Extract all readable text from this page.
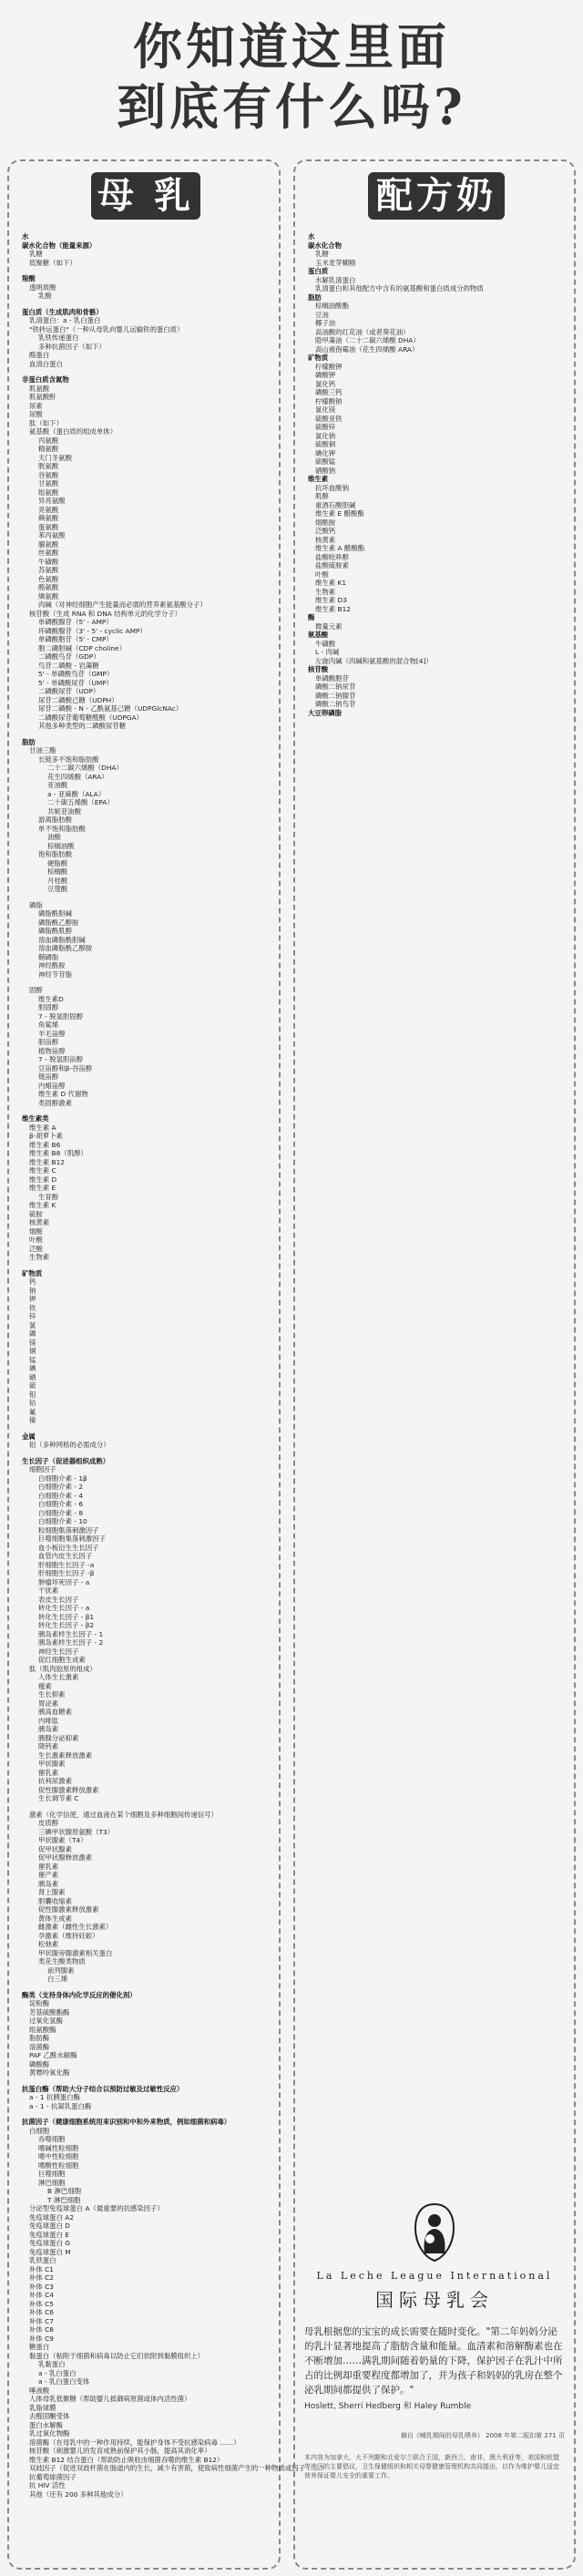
你知道这里面
到底有什么吗?
母 乳
水
碳水化合物（能量来源）
乳糖
低聚糖（如下）
羧酸
透明质酸
乳酸
蛋白质（生成肌肉和骨骼）
乳清蛋白：a - 乳白蛋白
"铁转运蛋白"（一种从母乳向婴儿运输铁的蛋白质）
乳铁传递蛋白
多种抗菌因子（如下）
酪蛋白
血清白蛋白
非蛋白质含氮物
肌氨酸
肌氨酸酐
尿素
尿酸
肽（如下）
氨基酸（蛋白质的组成单体）
丙氨酸
精氨酸
天门冬氨酸
胱氨酸
谷氨酸
甘氨酸
组氨酸
异亮氨酸
亮氨酸
赖氨酸
蛋氨酸
苯丙氨酸
脯氨酸
丝氨酸
牛磺酸
苏氨酸
色氨酸
酪氨酸
缬氨酸
肉碱（对神经细胞产生能量而必需的营养素氨基酸分子）
核苷酸（生成 RNA 和 DNA 结构单元的化学分子）
单磷酸腺苷（5' - AMP）
环磷酸腺苷（3' - 5' - cyclic AMP）
单磷酸胞苷（5' - CMP）
胞二磷胆碱（CDP choline）
二磷酸鸟苷（GDP）
鸟苷二磷酸 - 岩藻糖
5' - 单磷酸鸟苷（GMP）
5' - 单磷酸尿苷（UMP）
二磷酸尿苷（UDP）
尿苷二磷酸己糖（UDPH）
尿苷二磷酸 - N - 乙酰氨基己糖（UDPGlcNAc）
二磷酸尿苷葡萄糖醛酸（UDPGA）
其他多种类型的二磷酸尿苷糖
脂肪
甘油三酯
长链多不饱和脂肪酸
二十二碳六烯酸（DHA）
花生四烯酸（ARA）
亚油酸
a - 亚麻酸（ALA）
二十碳五烯酸（EPA）
共轭亚油酸
游离脂肪酸
单不饱和脂肪酸
油酸
棕榈油酸
饱和脂肪酸
硬脂酸
棕榈酸
月桂酸
豆蔻酸
磷脂
磷脂酰胆碱
磷脂酰乙醇胺
磷脂酰肌醇
溶血磷脂酰胆碱
溶血磷脂酰乙醇胺
鞘磷脂
神经酰胺
神经节苷脂
固醇
维生素D
胆固醇
7 - 脱氢胆固醇
角鲨烯
羊毛甾醇
胆甾醇
植物甾醇
7 - 脱氢胆甾醇
豆甾醇和β-谷甾醇
链甾醇
内蜡甾醇
维生素 D 代谢物
类固醇激素
维生素类
维生素 A
β-胡萝卜素
维生素 B6
维生素 B8（肌醇）
维生素 B12
维生素 C
维生素 D
维生素 E
生育酚
维生素 K
硫胺
核黄素
烟酸
叶酸
泛酸
生物素
矿物质
钙
钠
钾
铁
锌
氯
磷
镁
铜
锰
碘
硒
硫
钼
钴
氟
镍
金属
铝（多种网格的必需成分）
生长因子（促进器组织成熟）
细胞因子
白细胞介素 - 1β
白细胞介素 - 2
白细胞介素 - 4
白细胞介素 - 6
白细胞介素 - 8
白细胞介素 - 10
粒细胞集落刺激因子
巨噬细胞集落刺激因子
血小板衍生生长因子
血管内皮生长因子
肝细胞生长因子 -a
肝细胞生长因子 -β
肿瘤坏死因子 - a
干扰素
表皮生长因子
转化生长因子 - a
转化生长因子 - β1
转化生长因子 - β2
胰岛素样生长因子 - 1
胰岛素样生长因子 - 2
神经生长因子
促红细胞生成素
肽（肌肉胶原的组成）
人体生长激素
瘦素
生长抑素
胃泌素
胰高血糖素
内啡肽
胰岛素
胰腺分泌抑素
降钙素
生长激素释放激素
甲状腺素
催乳素
抗利尿激素
促性腺激素释放激素
生长调节素 C
激素（化学信使，通过血液在某个细胞及多种细胞间传递信号）
皮质醇
三碘甲状腺原氨酸（T3）
甲状腺素（T4）
促甲状腺素
促甲状腺释放激素
催乳素
催产素
胰岛素
肾上腺素
胆囊收缩素
促性腺激素释放激素
黄体生成素
雌激素（雌性生长激素）
孕激素（维持妊娠）
松弛素
甲状腺旁腺激素相关蛋白
类花生酸类物质
前列腺素
白三烯
酶类（支持身体内化学反应的催化剂）
淀粉酶
芳基硫酸酯酶
过氧化氢酶
组氨酸酶
脂肪酶
溶菌酶
PAF 乙酰水解酶
磷酸酶
黄嘌呤氧化酶
抗蛋白酶（帮助大分子结合以预防过敏及过敏性反应）
a - 1 抗胰蛋白酶
a - 1 - 抗凝乳蛋白酶
抗菌因子（健康细胞系统用来识别和中和外来物质，例如细菌和病毒）
白细胞
吞噬细胞
嗜碱性粒细胞
嗜中性粒细胞
嗜酸性粒细胞
巨噬细胞
淋巴细胞
B 淋巴细胞
T 淋巴细胞
分泌型免疫球蛋白 A（最重要的抗感染因子）
免疫球蛋白 A2
免疫球蛋白 D
免疫球蛋白 E
免疫球蛋白 G
免疫球蛋白 M
乳铁蛋白
补体 C1
补体 C2
补体 C3
补体 C4
补体 C5
补体 C6
补体 C7
补体 C8
补体 C9
糖蛋白
黏蛋白（粘附于细菌和病毒以防止它们依附到黏膜组织上）
乳黏蛋白
a - 乳白蛋白
a - 乳白蛋白变体
唾液酸
人体母乳低聚糖（帮助婴儿抵御病原菌或体内活性菌）
乳脂球膜
去醛固酮受体
蛋白水解酶
乳过氧化物酶
溶菌酶（在母乳中的一种作用持续，能保护身体不受抗感染病毒 ……）
核苷酸（刺激婴儿的发育成熟前保护其小肠，提高其消化率）
维生素 B12 结合蛋白（帮助防止吸收由细菌吞噬的维生素 B12）
双歧因子（促进双歧杆菌在肠道内的生长，减少有害菌，使致病性细菌产生的一种物质或因子 ……）
抗葡萄球菌因子
抗 HIV 活性
其他（还有 200 多种其他成分）
配方奶
水
碳水化合物
乳糖
玉米麦芽糊精
蛋白质
水解乳清蛋白
乳清蛋白和其他配方中含有的氨基酸和蛋白质成分的物质
脂肪
棕榈油酸酯
豆油
椰子油
高油酸的红花油（或者葵花油）
隐甲藻油（二十二碳六烯酸 DHA）
高山被孢霉油（花生四烯酸 ARA）
矿物质
柠檬酸钾
磷酸钾
氯化钙
磷酸三钙
柠檬酸钠
氯化镁
硫酸亚铁
硫酸锌
氯化钠
硫酸铜
碘化钾
硫酸锰
硒酸钠
维生素
抗坏血酸钠
肌醇
重酒石酸胆碱
维生素 E 醋酸酯
烟酰胺
泛酸钙
核黄素
维生素 A 醋酸酯
盐酸吡哆醇
盐酸硫胺素
叶酸
维生素 K1
生物素
维生素 D3
维生素 B12
酶
微量元素
氨基酸
牛磺酸
L - 肉碱
左旋肉碱（肉碱和氨基酸的混合物[4]）
核苷酸
单磷酸胞苷
磷酸二钠尿苷
磷酸二钠腺苷
磷酸二钠鸟苷
大豆卵磷脂
La Leche League International
国际母乳会
母乳根据您的宝宝的成长需要在随时变化。"第二年妈妈分泌的乳汁显著地提高了脂肪含量和能量。血清素和溶解酶素也在不断增加……满乳期间随着奶量的下降，保护因子在乳汁中所占的比例却重要程度都增加了，并为孩子和妈妈的乳房在整个泌乳期间都提供了保护。"
Hoslett, Sherri Hedberg 和 Haley Rumble
摘自《哺乳期间的母乳喂养》 2008 年第二版扣第 271 页
本内容为加拿大、大不列颠和北爱尔兰联合王国，新西兰、南非，澳大利亚等，美国和欧盟等地区的主要倡议，卫生保健组织和相关母婴健康管理机构共同提出，以作为维护婴儿适宜营养保证婴儿安全的重要工作。
